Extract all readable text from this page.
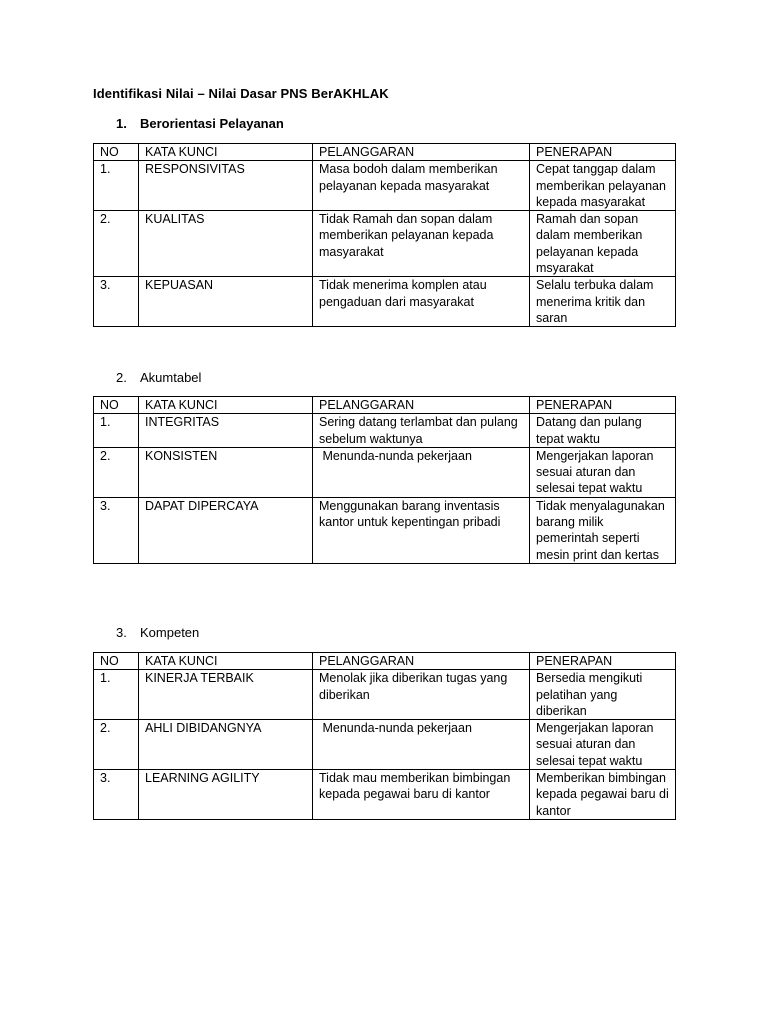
Identifikasi Nilai – Nilai Dasar PNS BerAKHLAK
1. Berorientasi Pelayanan
NO	KATA KUNCI	PELANGGARAN	PENERAPAN
1.	RESPONSIVITAS	Masa bodoh dalam memberikan pelayanan kepada masyarakat	Cepat tanggap dalam memberikan pelayanan kepada masyarakat
2.	KUALITAS	Tidak Ramah dan sopan dalam memberikan pelayanan kepada masyarakat	Ramah dan sopan dalam memberikan pelayanan kepada msyarakat
3.	KEPUASAN	Tidak menerima komplen atau pengaduan dari masyarakat	Selalu terbuka dalam menerima kritik dan saran
2. Akumtabel
NO	KATA KUNCI	PELANGGARAN	PENERAPAN
1.	INTEGRITAS	Sering datang terlambat dan pulang sebelum waktunya	Datang dan pulang tepat waktu
2.	KONSISTEN	Menunda-nunda pekerjaan	Mengerjakan laporan sesuai aturan dan selesai tepat waktu
3.	DAPAT DIPERCAYA	Menggunakan barang inventasis kantor untuk kepentingan pribadi	Tidak menyalagunakan barang milik pemerintah seperti mesin print dan kertas
3. Kompeten
NO	KATA KUNCI	PELANGGARAN	PENERAPAN
1.	KINERJA TERBAIK	Menolak jika diberikan tugas yang diberikan	Bersedia mengikuti pelatihan yang diberikan
2.	AHLI DIBIDANGNYA	Menunda-nunda pekerjaan	Mengerjakan laporan sesuai aturan dan selesai tepat waktu
3.	LEARNING AGILITY	Tidak mau memberikan bimbingan kepada pegawai baru di kantor	Memberikan bimbingan kepada pegawai baru di kantor
